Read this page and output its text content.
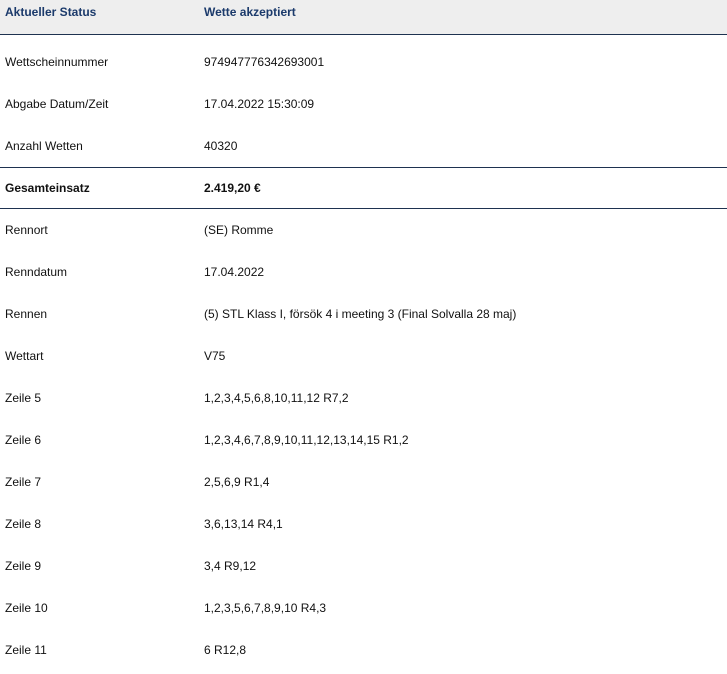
Aktueller Status	Wette akzeptiert
Wettscheinnummer	974947776342693001
Abgabe Datum/Zeit	17.04.2022 15:30:09
Anzahl Wetten	40320
Gesamteinsatz	2.419,20 €
Rennort	(SE) Romme
Renndatum	17.04.2022
Rennen	(5) STL Klass I, försök 4 i meeting 3 (Final Solvalla 28 maj)
Wettart	V75
Zeile 5	1,2,3,4,5,6,8,10,11,12 R7,2
Zeile 6	1,2,3,4,6,7,8,9,10,11,12,13,14,15 R1,2
Zeile 7	2,5,6,9 R1,4
Zeile 8	3,6,13,14 R4,1
Zeile 9	3,4 R9,12
Zeile 10	1,2,3,5,6,7,8,9,10 R4,3
Zeile 11	6 R12,8
